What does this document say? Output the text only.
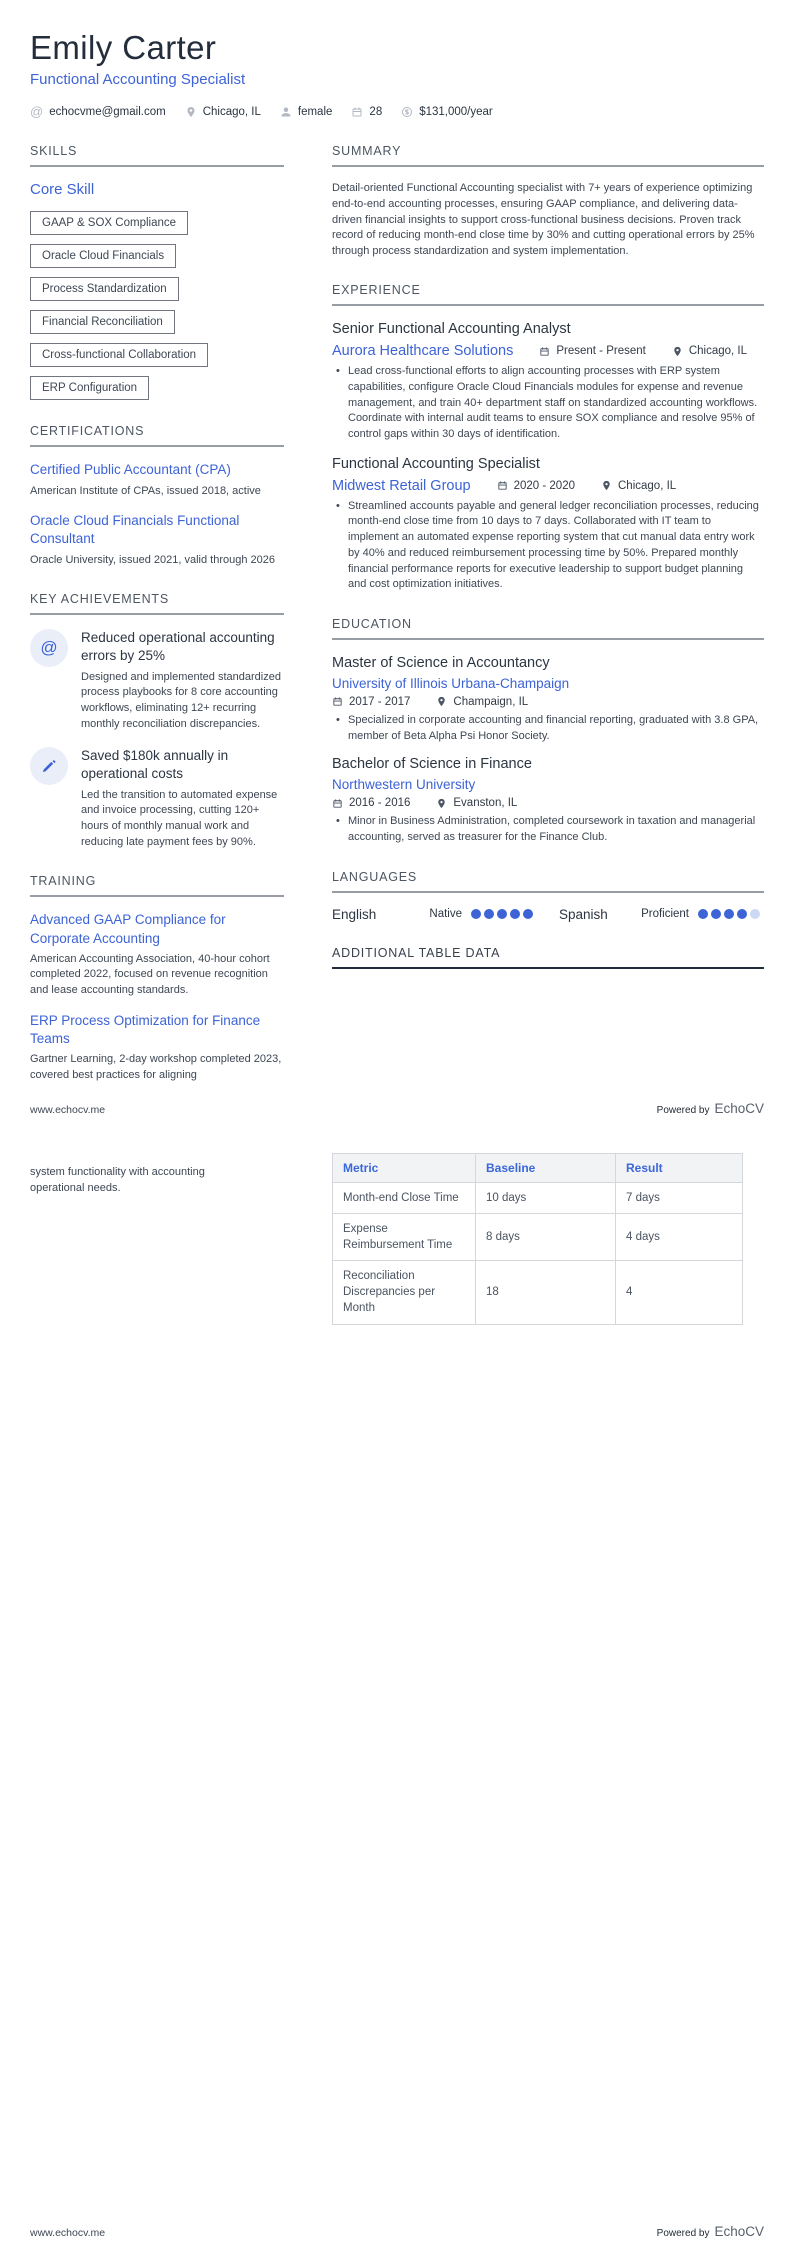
Emily Carter
Functional Accounting Specialist
@ echocvme@gmail.com	Chicago, IL	female	28	$131,000/year
SKILLS
Core Skill
GAAP & SOX Compliance
Oracle Cloud Financials
Process Standardization
Financial Reconciliation
Cross-functional Collaboration
ERP Configuration
CERTIFICATIONS
Certified Public Accountant (CPA)
American Institute of CPAs, issued 2018, active
Oracle Cloud Financials Functional Consultant
Oracle University, issued 2021, valid through 2026
KEY ACHIEVEMENTS
@
Reduced operational accounting errors by 25%
Designed and implemented standardized process playbooks for 8 core accounting workflows, eliminating 12+ recurring monthly reconciliation discrepancies.
Saved $180k annually in operational costs
Led the transition to automated expense and invoice processing, cutting 120+ hours of monthly manual work and reducing late payment fees by 90%.
TRAINING
Advanced GAAP Compliance for Corporate Accounting
American Accounting Association, 40-hour cohort completed 2022, focused on revenue recognition and lease accounting standards.
ERP Process Optimization for Finance Teams
Gartner Learning, 2-day workshop completed 2023, covered best practices for aligning
SUMMARY

Detail-oriented Functional Accounting specialist with 7+ years of experience optimizing end-to-end accounting processes, ensuring GAAP compliance, and delivering data-driven financial insights to support cross-functional business decisions. Proven track record of reducing month-end close time by 30% and cutting operational errors by 25% through process standardization and system implementation.

EXPERIENCE
Senior Functional Accounting Analyst
Aurora Healthcare Solutions	Present - Present	Chicago, IL
• Lead cross-functional efforts to align accounting processes with ERP system capabilities, configure Oracle Cloud Financials modules for expense and revenue management, and train 40+ department staff on standardized accounting workflows. Coordinate with internal audit teams to ensure SOX compliance and resolve 95% of control gaps within 30 days of identification.
Functional Accounting Specialist
Midwest Retail Group	2020 - 2020	Chicago, IL
• Streamlined accounts payable and general ledger reconciliation processes, reducing month-end close time from 10 days to 7 days. Collaborated with IT team to implement an automated expense reporting system that cut manual data entry work by 40% and reduced reimbursement processing time by 50%. Prepared monthly financial performance reports for executive leadership to support budget planning and cost optimization initiatives.
EDUCATION
Master of Science in Accountancy
University of Illinois Urbana-Champaign
2017 - 2017	Champaign, IL
• Specialized in corporate accounting and financial reporting, graduated with 3.8 GPA, member of Beta Alpha Psi Honor Society.
Bachelor of Science in Finance
Northwestern University
2016 - 2016	Evanston, IL
• Minor in Business Administration, completed coursework in taxation and managerial accounting, served as treasurer for the Finance Club.
LANGUAGES
English	Native	Spanish	Proficient
ADDITIONAL TABLE DATA
www.echocv.me	Powered by EchoCV

system functionality with accounting operational needs.

Metric	Baseline	Result
Month-end Close Time	10 days	7 days
Expense Reimbursement Time	8 days	4 days
Reconciliation Discrepancies per Month	18	4
www.echocv.me	Powered by EchoCV
